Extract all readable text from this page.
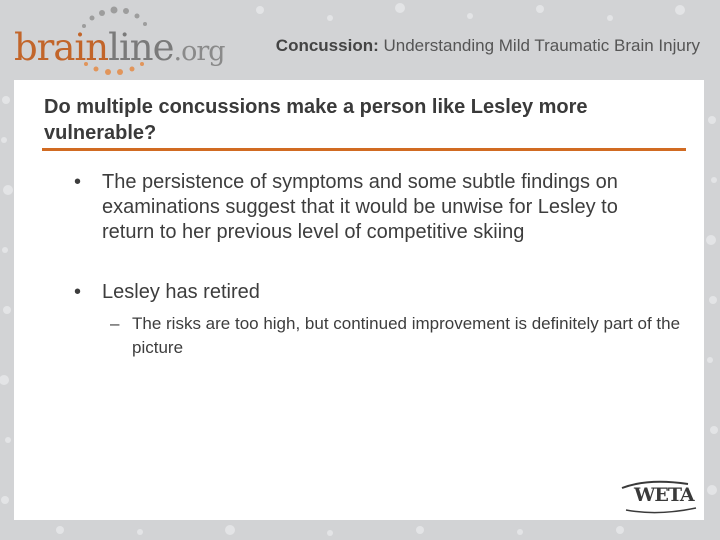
brainline.org	Concussion: Understanding Mild Traumatic Brain Injury
Do multiple concussions make a person like Lesley more vulnerable?
•	The persistence of symptoms and some subtle findings on examinations suggest that it would be unwise for Lesley to return to her previous level of competitive skiing
•	Lesley has retired
– The risks are too high, but continued improvement is definitely part of the picture
WETA
